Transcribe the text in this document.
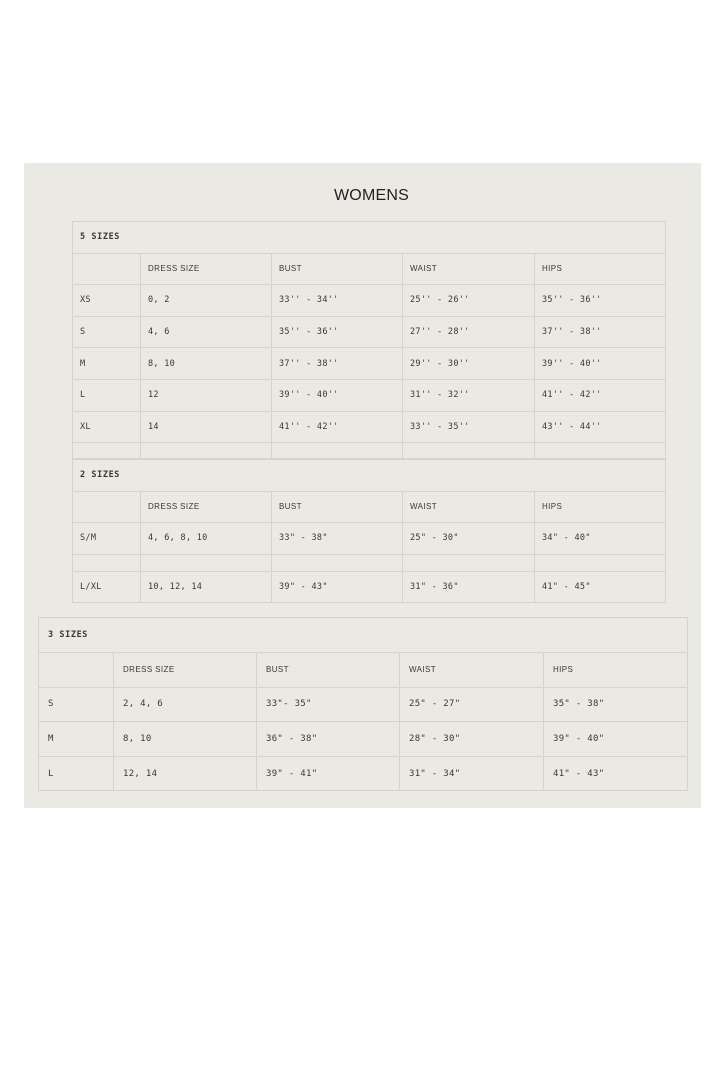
WOMENS
5 SIZES				
	DRESS SIZE	BUST	WAIST	HIPS
XS	0, 2	33'' - 34''	25'' - 26''	35'' - 36''
S	4, 6	35'' - 36''	27'' - 28''	37'' - 38''
M	8, 10	37'' - 38''	29'' - 30''	39'' - 40''
L	12	39'' - 40''	31'' - 32''	41'' - 42''
XL	14	41'' - 42''	33'' - 35''	43'' - 44''

2 SIZES				
	DRESS SIZE	BUST	WAIST	HIPS
S/M	4, 6, 8, 10	33" - 38"	25" - 30"	34" - 40"

L/XL	10, 12, 14	39" - 43"	31" - 36"	41" - 45"
3 SIZES				
	DRESS SIZE	BUST	WAIST	HIPS
S	2, 4, 6	33"- 35"	25" - 27"	35" - 38"
M	8, 10	36" - 38"	28" - 30"	39" - 40"
L	12, 14	39" - 41"	31" - 34"	41" - 43"
